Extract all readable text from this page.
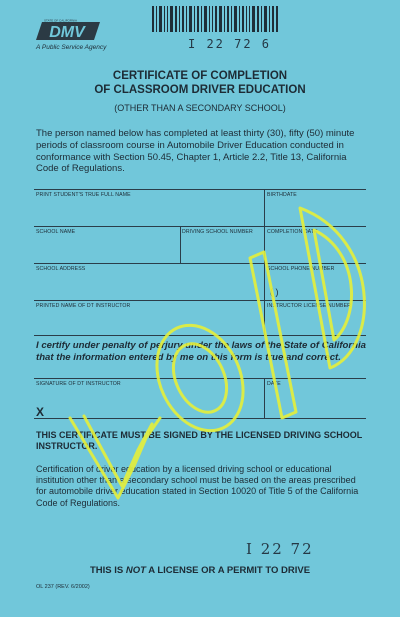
DMV
STATE OF CALIFORNIA
A Public Service Agency	I 22 72 6
CERTIFICATE OF COMPLETION
OF CLASSROOM DRIVER EDUCATION
(OTHER THAN A SECONDARY SCHOOL)
The person named below has completed at least thirty (30), fifty (50) minute periods of classroom course in Automobile Driver Education conducted in conformance with Section 50.45, Chapter 1, Article 2.2, Title 13, California Code of Regulations.
PRINT STUDENT'S TRUE FULL NAME	BIRTHDATE
SCHOOL NAME	DRIVING SCHOOL NUMBER	COMPLETION DATE
SCHOOL ADDRESS	SCHOOL PHONE NUMBER
( )
PRINTED NAME OF DT INSTRUCTOR	INSTRUCTOR LICENSE NUMBER
I certify under penalty of perjury under the laws of the State of California that the information entered by me on this form is true and correct.
SIGNATURE OF DT INSTRUCTOR	DATE
X
THIS CERTIFICATE MUST BE SIGNED BY THE LICENSED DRIVING SCHOOL INSTRUCTOR.
Certification of driver education by a licensed driving school or educational institution other than a secondary school must be based on the areas prescribed for automobile driver education stated in Section 10020 of Title 5 of the California Code of Regulations.
I 22 72
THIS IS NOT A LICENSE OR A PERMIT TO DRIVE
OL 237 (REV. 6/2002)
